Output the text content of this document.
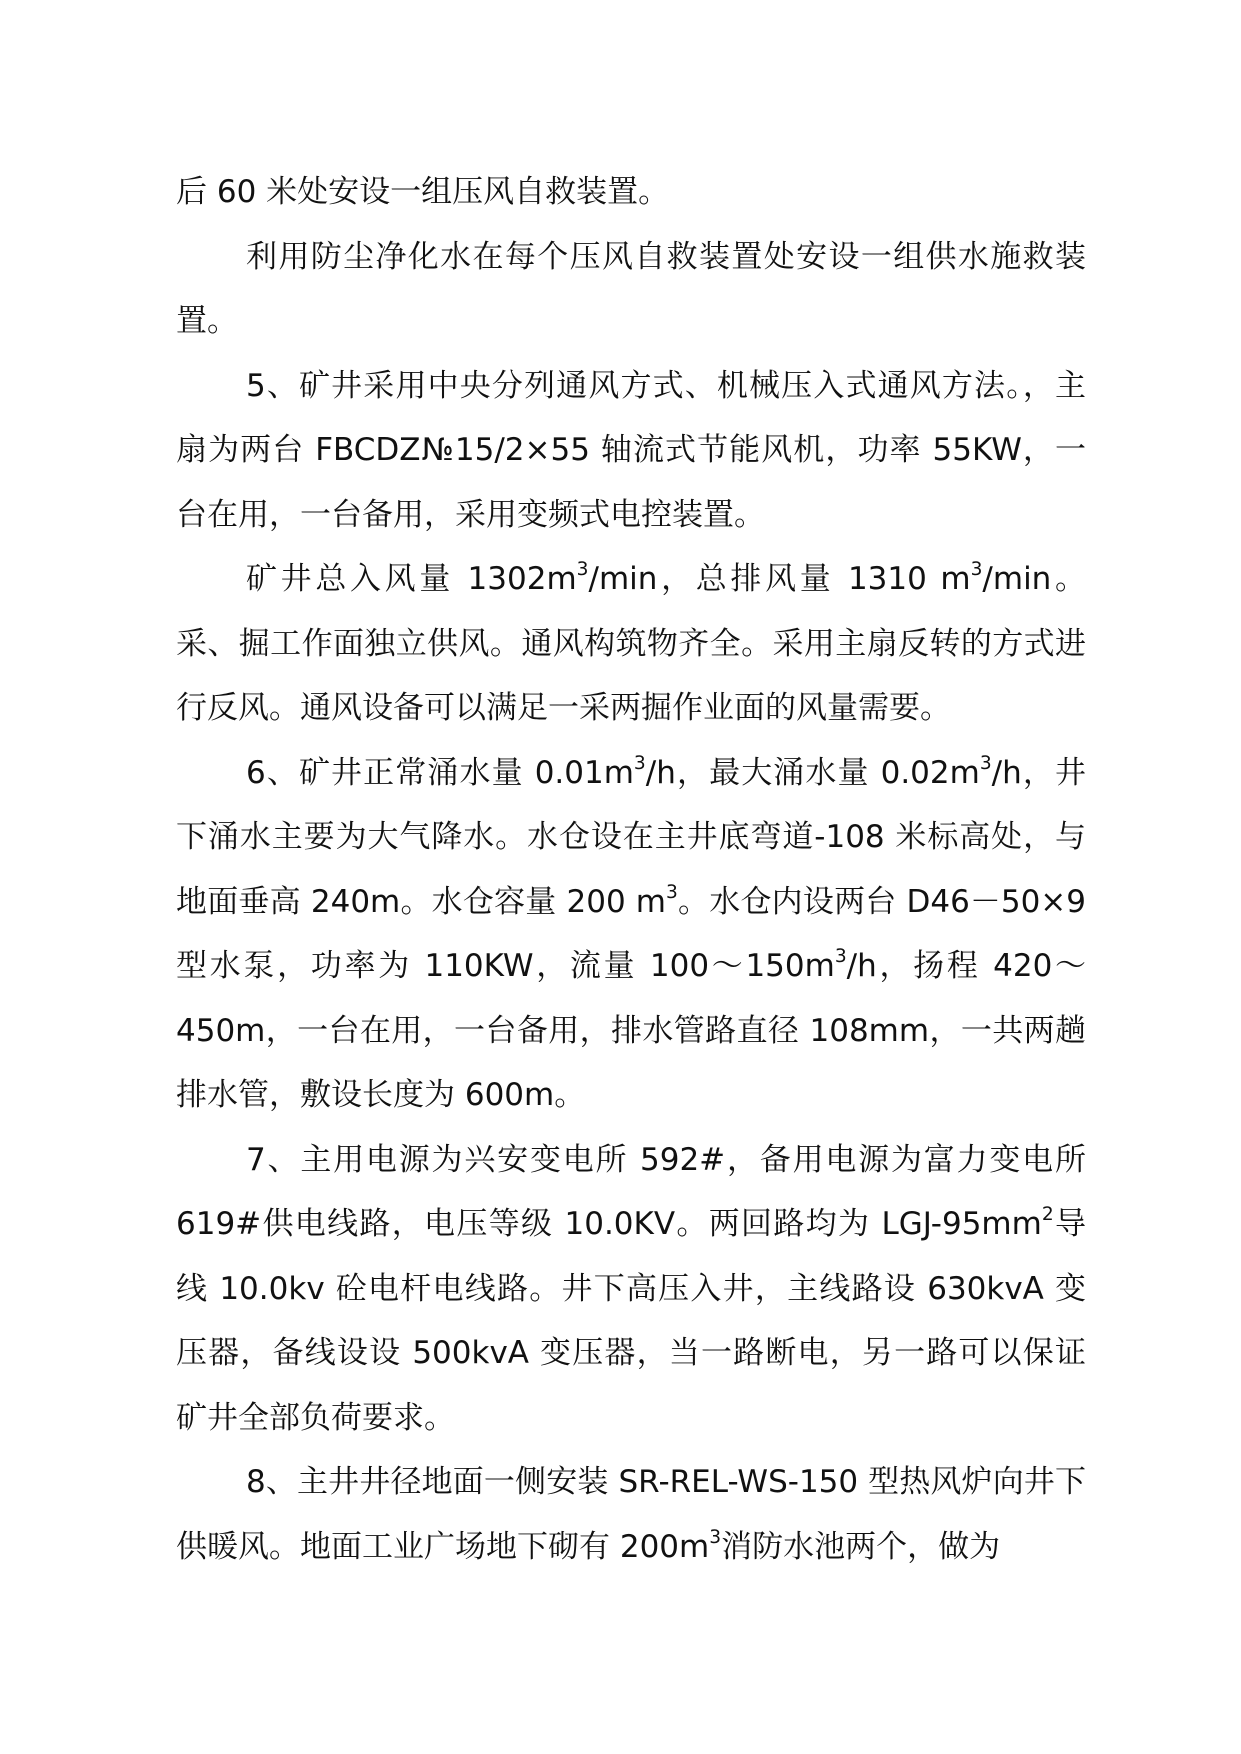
后 60 米处安设一组压风自救装置。

利用防尘净化水在每个压风自救装置处安设一组供水施救装置。

5、矿井采用中央分列通风方式、机械压入式通风方法。，主扇为两台 FBCDZ№15/2×55 轴流式节能风机，功率 55KW，一台在用，一台备用，采用变频式电控装置。

矿井总入风量 $1302m^3/\min$，总排风量 1310 $m^3/\min$。采、掘工作面独立供风。通风构筑物齐全。采用主扇反转的方式进行反风。通风设备可以满足一采两掘作业面的风量需要。

6、矿井正常涌水量 $0.01m^3/h$，最大涌水量 $0.02m^3/h$，井下涌水主要为大气降水。水仓设在主井底弯道-108 米标高处，与地面垂高 240m。水仓容量 200 $m^3$。水仓内设两台 D46－50×9 型水泵，功率为 110KW，流量 $100\sim 150m^3/h$，扬程 420～450m，一台在用，一台备用，排水管路直径 108mm，一共两趟排水管，敷设长度为 600m。

7、主用电源为兴安变电所 592#，备用电源为富力变电所 619#供电线路，电压等级 10.0KV。两回路均为 LGJ-$95mm^2$导线 10.0kv 砼电杆电线路。井下高压入井，主线路设 630kvA 变压器，备线设设 500kvA 变压器，当一路断电，另一路可以保证矿井全部负荷要求。

8、主井井径地面一侧安装 SR-REL-WS-150 型热风炉向井下供暖风。地面工业广场地下砌有 $200m^3$消防水池两个，做为
